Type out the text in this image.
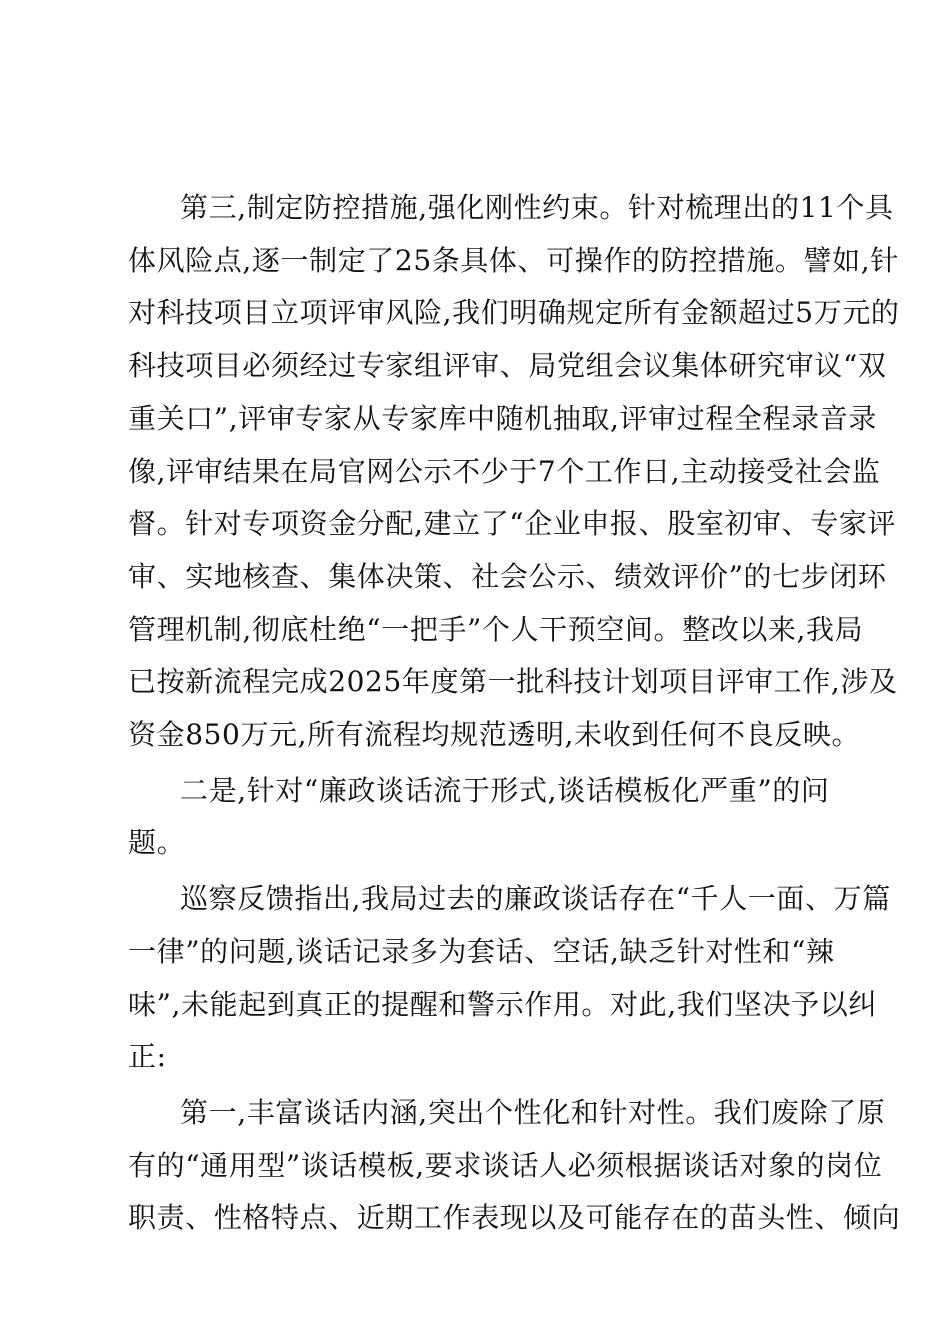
第三,制定防控措施,强化刚性约束。针对梳理出的11个具
体风险点,逐一制定了25条具体、可操作的防控措施。譬如,针
对科技项目立项评审风险,我们明确规定所有金额超过5万元的
科技项目必须经过专家组评审、局党组会议集体研究审议“双
重关口”,评审专家从专家库中随机抽取,评审过程全程录音录
像,评审结果在局官网公示不少于7个工作日,主动接受社会监
督。针对专项资金分配,建立了“企业申报、股室初审、专家评
审、实地核查、集体决策、社会公示、绩效评价”的七步闭环
管理机制,彻底杜绝“一把手”个人干预空间。整改以来,我局
已按新流程完成2025年度第一批科技计划项目评审工作,涉及
资金850万元,所有流程均规范透明,未收到任何不良反映。
二是,针对“廉政谈话流于形式,谈话模板化严重”的问
题。
巡察反馈指出,我局过去的廉政谈话存在“千人一面、万篇
一律”的问题,谈话记录多为套话、空话,缺乏针对性和“辣
味”,未能起到真正的提醒和警示作用。对此,我们坚决予以纠
正:
第一,丰富谈话内涵,突出个性化和针对性。我们废除了原
有的“通用型”谈话模板,要求谈话人必须根据谈话对象的岗位
职责、性格特点、近期工作表现以及可能存在的苗头性、倾向
